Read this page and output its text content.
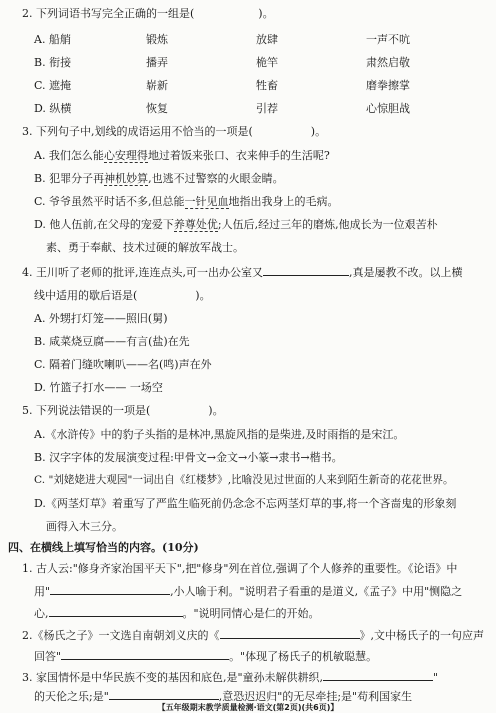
2. 下列词语书写完全正确的一组是(	)。
A. 船艄	锻炼	放肆	一声不吭
B. 衔接	播弄	桅竿	肃然启敬
C. 遮掩	崭新	牲畜	磨拳擦掌
D. 纵横	恢复	引荐	心惊胆战
3. 下列句子中,划线的成语运用不恰当的一项是(	)。
A. 我们怎么能心安理得地过着饭来张口、衣来伸手的生活呢?
B. 犯罪分子再神机妙算,也逃不过警察的火眼金睛。
C. 爷爷虽然平时话不多,但总能一针见血地指出我身上的毛病。
D. 他人伍前,在父母的宠爱下养尊处优;人伍后,经过三年的磨炼,他成长为一位艰苦朴
素、勇于奉献、技术过硬的解放军战士。
4. 王川听了老师的批评,连连点头,可一出办公室又	,真是屡教不改。以上横
线中适用的歇后语是(	)。
A. 外甥打灯笼——照旧(舅)
B. 咸菜烧豆腐——有言(盐)在先
C. 隔着门缝吹喇叭——名(鸣)声在外
D. 竹篮子打水—— 一场空
5. 下列说法错误的一项是(	)。
A.《水浒传》中的豹子头指的是林冲,黑旋风指的是柴进,及时雨指的是宋江。
B. 汉字字体的发展演变过程:甲骨文→金文→小篆→隶书→楷书。
C. "刘姥姥进大观园"一词出自《红楼梦》,比喻没见过世面的人来到陌生新奇的花花世界。
D.《两茎灯草》着重写了严监生临死前仍念念不忘两茎灯草的事,将一个吝啬鬼的形象刻
画得入木三分。
四、在横线上填写恰当的内容。(10分)
1. 古人云:"修身齐家治国平天下",把"修身"列在首位,强调了个人修养的重要性。《论语》中
用"	,小人喻于利。"说明君子看重的是道义,《孟子》中用"恻隐之
心,	。"说明同情心是仁的开始。
2.《杨氏之子》一文选自南朝刘义庆的《	》,文中杨氏子的一句应声
回答"	。"体现了杨氏子的机敏聪慧。
【五年级期末教学质量检测·语文(第2页)(共6页)】
3. 家国情怀是中华民族不变的基因和底色,是"童孙未解供耕织,	"
的天伦之乐;是"	,意恐迟迟归"的无尽牵挂;是"苟利国家生
